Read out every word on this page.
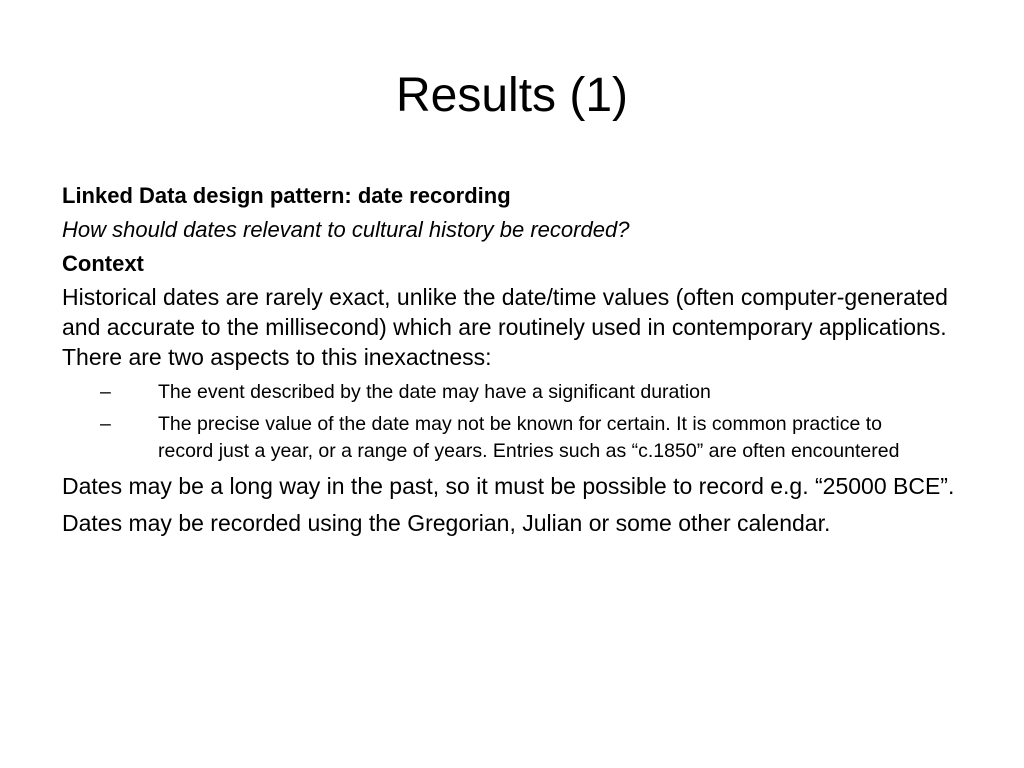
Results (1)

Linked Data design pattern: date recording

How should dates relevant to cultural history be recorded?

Context

Historical dates are rarely exact, unlike the date/time values (often computer-generated and accurate to the millisecond) which are routinely used in contemporary applications. There are two aspects to this inexactness:

– The event described by the date may have a significant duration
– The precise value of the date may not be known for certain. It is common practice to record just a year, or a range of years. Entries such as “c.1850” are often encountered

Dates may be a long way in the past, so it must be possible to record e.g. “25000 BCE”.

Dates may be recorded using the Gregorian, Julian or some other calendar.
